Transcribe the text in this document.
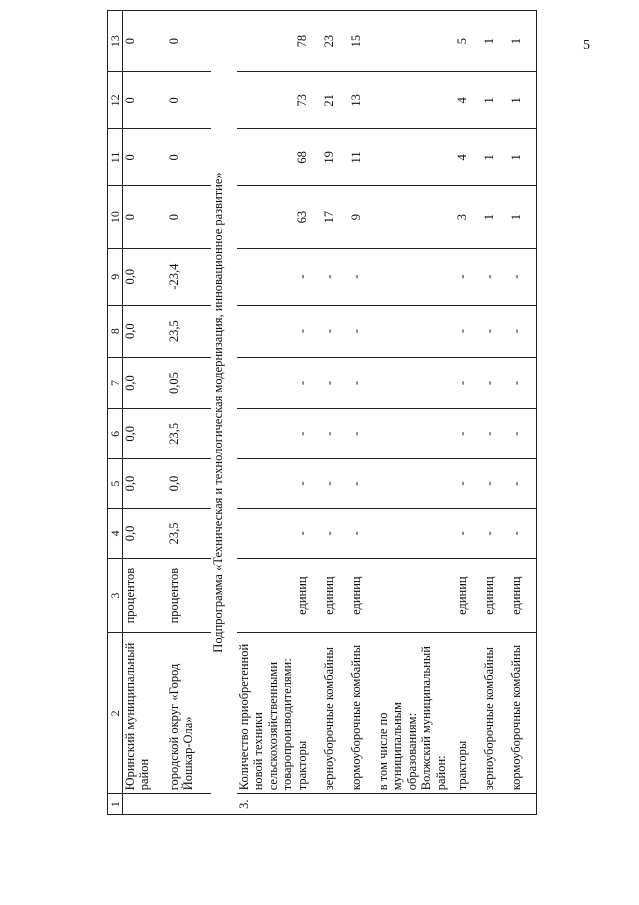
5
1	2	3	4	5	6	7	8	9	10	11	12	13
	Юринский муниципальный район	процентов	0,0	0,0	0,0	0,0	0,0	0,0	0	0	0	0
	городской округ «Город Йошкар-Ола»	процентов	23,5	0,0	23,5	0,05	23,5	-23,4	0	0	0	0
Подпрограмма «Техническая и технологическая модернизация, инновационное развитие»												
3.	Количество приобретенной новой техники сельскохозяйственными товаропроизводителями:											
	тракторы	единиц	-	-	-	-	-	-	63	68	73	78
	зерноуборочные комбайны	единиц	-	-	-	-	-	-	17	19	21	23
	кормоуборочные комбайны	единиц	-	-	-	-	-	-	9	11	13	15
	в том числе по муниципальным образованиям:											
	Волжский муниципальный район:											
	тракторы	единиц	-	-	-	-	-	-	3	4	4	5
	зерноуборочные комбайны	единиц	-	-	-	-	-	-	1	1	1	1
	кормоуборочные комбайны	единиц	-	-	-	-	-	-	1	1	1	1
